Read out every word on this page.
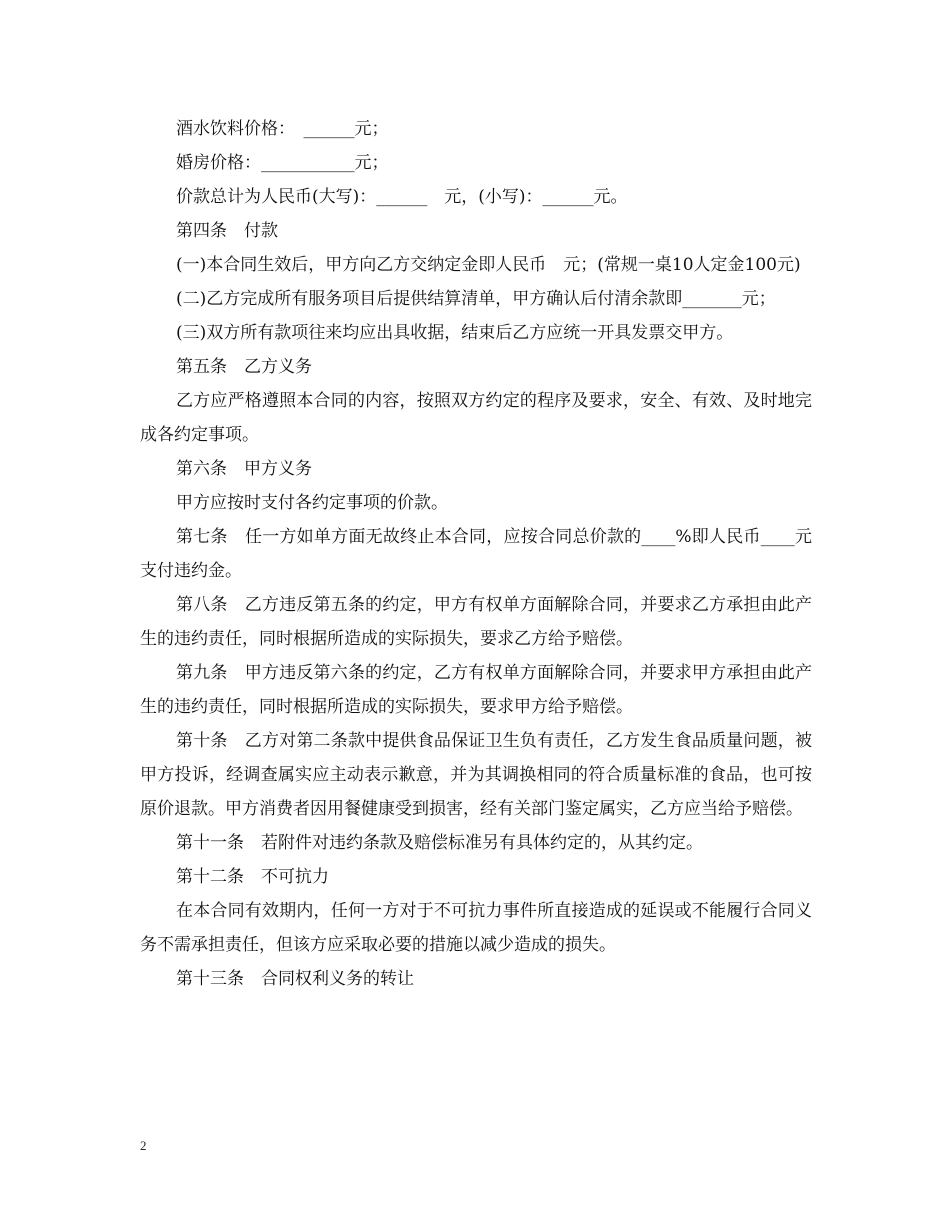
酒水饮料价格：　______元；

婚房价格：___________元；

价款总计为人民币(大写)：______　元，(小写)：______元。

第四条　付款

(一)本合同生效后，甲方向乙方交纳定金即人民币　元；(常规一桌10人定金100元)

(二)乙方完成所有服务项目后提供结算清单，甲方确认后付清余款即_______元；

(三)双方所有款项往来均应出具收据，结束后乙方应统一开具发票交甲方。

第五条　乙方义务

乙方应严格遵照本合同的内容，按照双方约定的程序及要求，安全、有效、及时地完成各约定事项。

第六条　甲方义务

甲方应按时支付各约定事项的价款。

第七条　任一方如单方面无故终止本合同，应按合同总价款的____%即人民币____元支付违约金。

第八条　乙方违反第五条的约定，甲方有权单方面解除合同，并要求乙方承担由此产生的违约责任，同时根据所造成的实际损失，要求乙方给予赔偿。

第九条　甲方违反第六条的约定，乙方有权单方面解除合同，并要求甲方承担由此产生的违约责任，同时根据所造成的实际损失，要求甲方给予赔偿。

第十条　乙方对第二条款中提供食品保证卫生负有责任，乙方发生食品质量问题，被甲方投诉，经调查属实应主动表示歉意，并为其调换相同的符合质量标准的食品，也可按原价退款。甲方消费者因用餐健康受到损害，经有关部门鉴定属实，乙方应当给予赔偿。

第十一条　若附件对违约条款及赔偿标准另有具体约定的，从其约定。

第十二条　不可抗力

在本合同有效期内，任何一方对于不可抗力事件所直接造成的延误或不能履行合同义务不需承担责任，但该方应采取必要的措施以减少造成的损失。

第十三条　合同权利义务的转让

2
